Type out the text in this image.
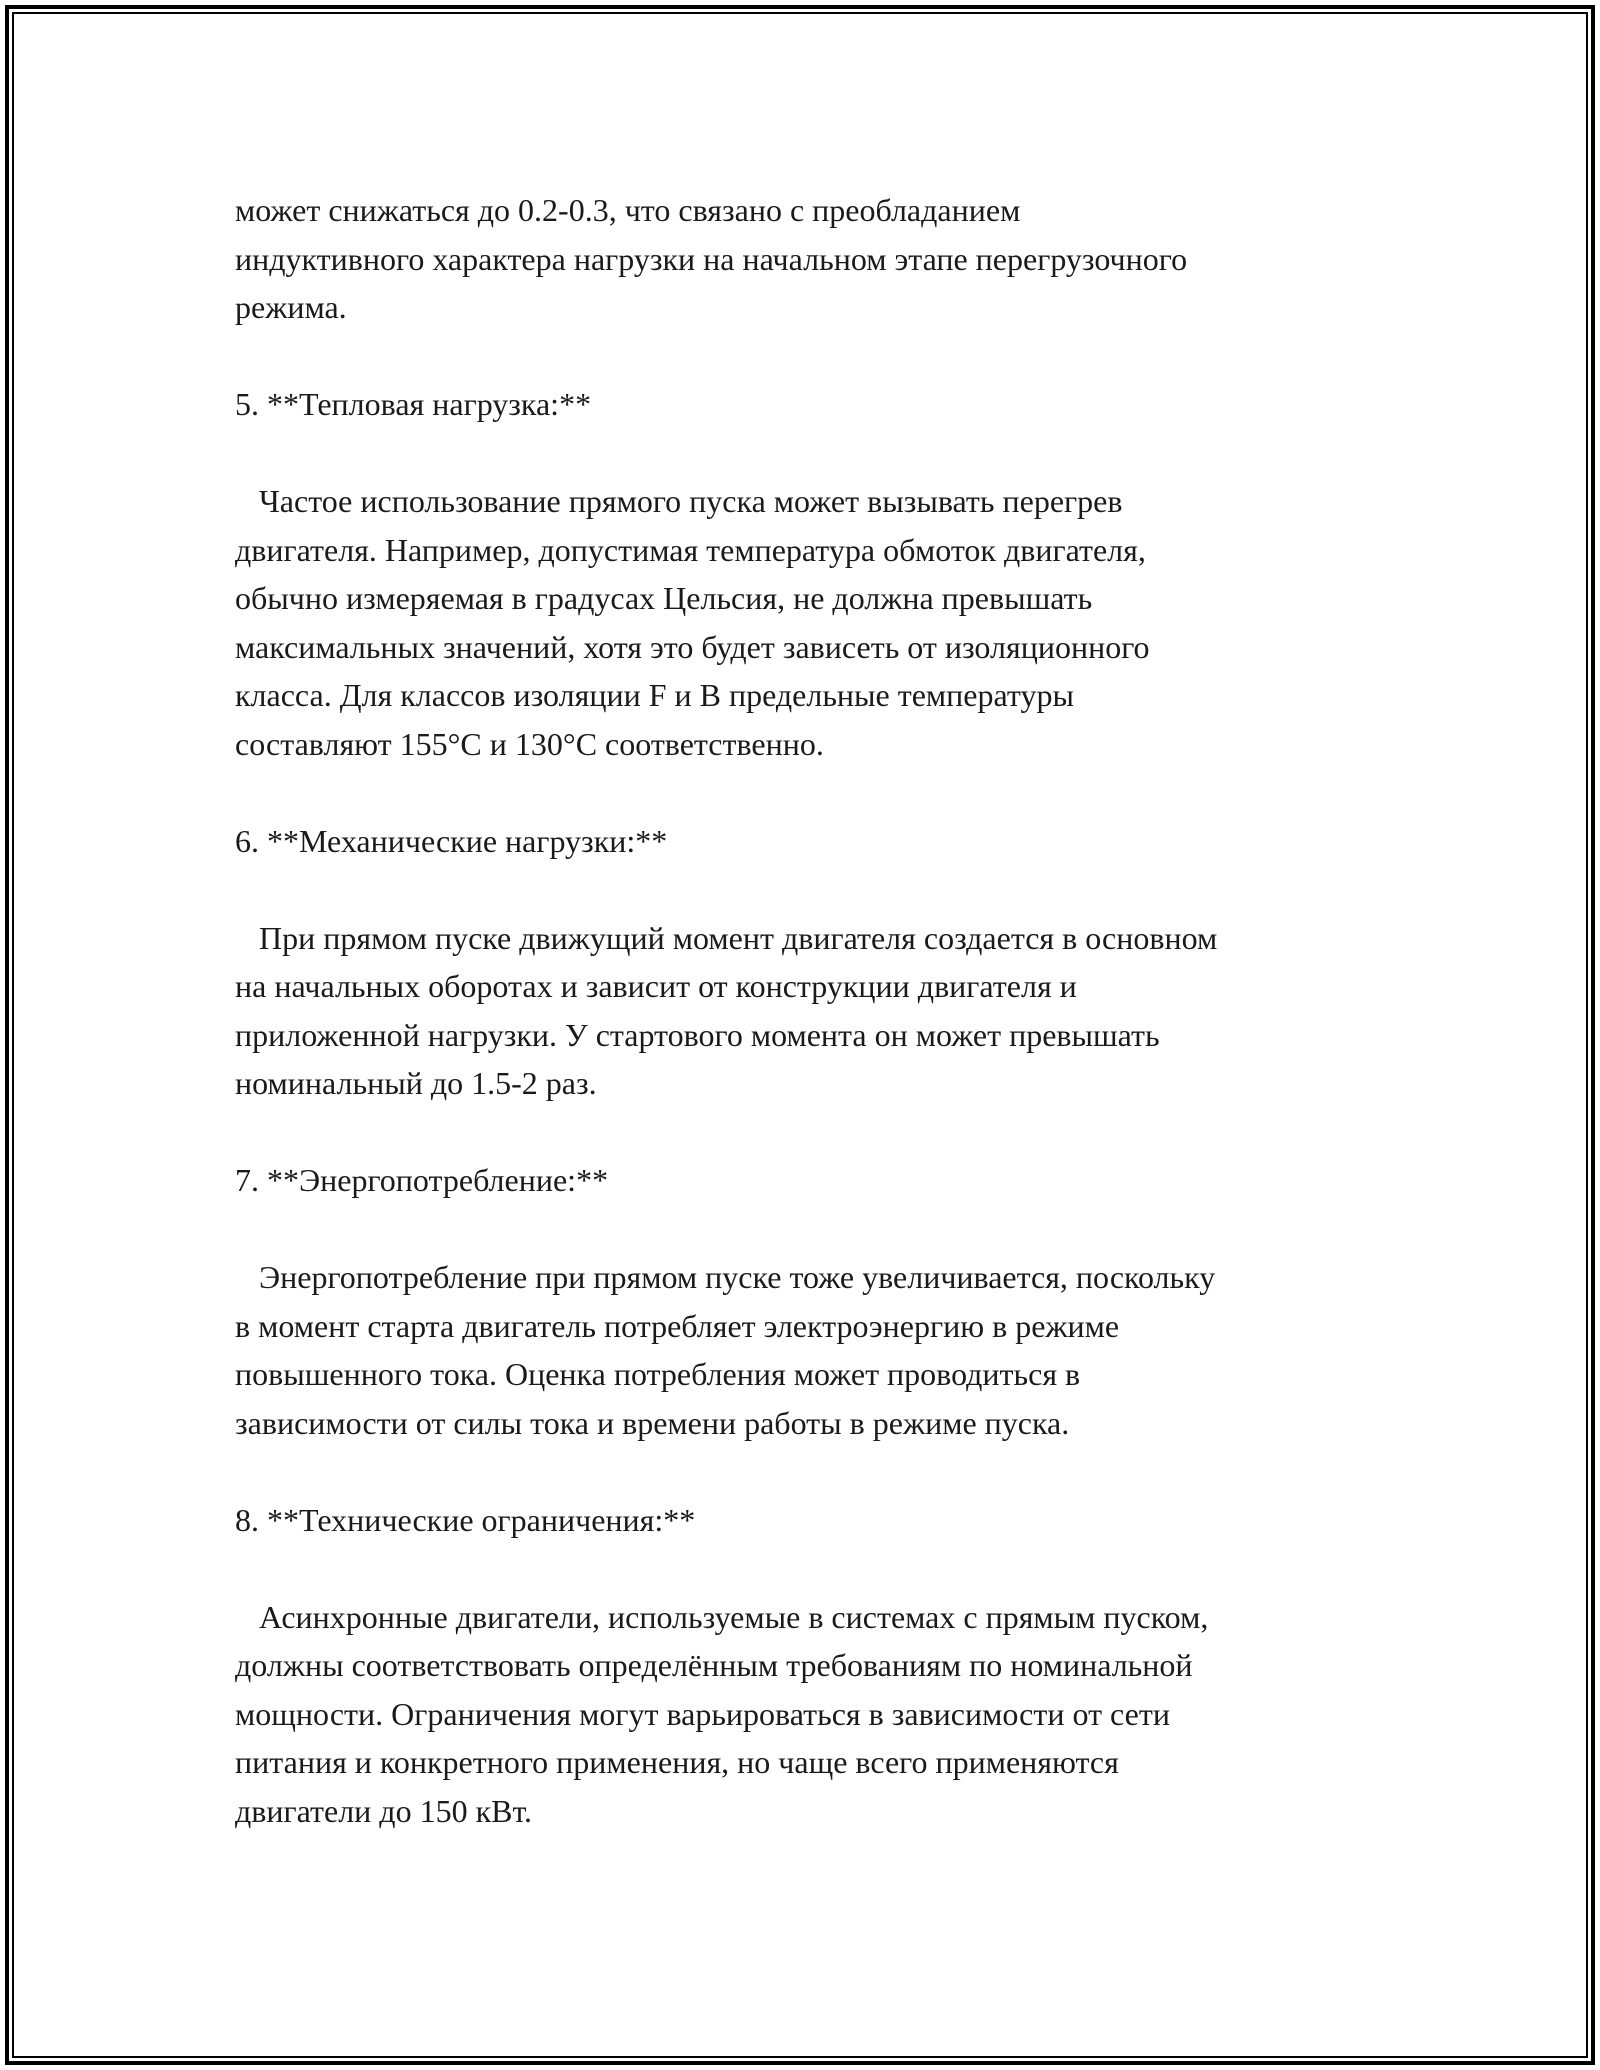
может снижаться до 0.2-0.3, что связано с преобладанием
индуктивного характера нагрузки на начальном этапе перегрузочного
режима.
5. **Тепловая нагрузка:**
Частое использование прямого пуска может вызывать перегрев
двигателя. Например, допустимая температура обмоток двигателя,
обычно измеряемая в градусах Цельсия, не должна превышать
максимальных значений, хотя это будет зависеть от изоляционного
класса. Для классов изоляции F и B предельные температуры
составляют 155°C и 130°C соответственно.
6. **Механические нагрузки:**
При прямом пуске движущий момент двигателя создается в основном
на начальных оборотах и зависит от конструкции двигателя и
приложенной нагрузки. У стартового момента он может превышать
номинальный до 1.5-2 раз.
7. **Энергопотребление:**
Энергопотребление при прямом пуске тоже увеличивается, поскольку
в момент старта двигатель потребляет электроэнергию в режиме
повышенного тока. Оценка потребления может проводиться в
зависимости от силы тока и времени работы в режиме пуска.
8. **Технические ограничения:**
Асинхронные двигатели, используемые в системах с прямым пуском,
должны соответствовать определённым требованиям по номинальной
мощности. Ограничения могут варьироваться в зависимости от сети
питания и конкретного применения, но чаще всего применяются
двигатели до 150 кВт.
